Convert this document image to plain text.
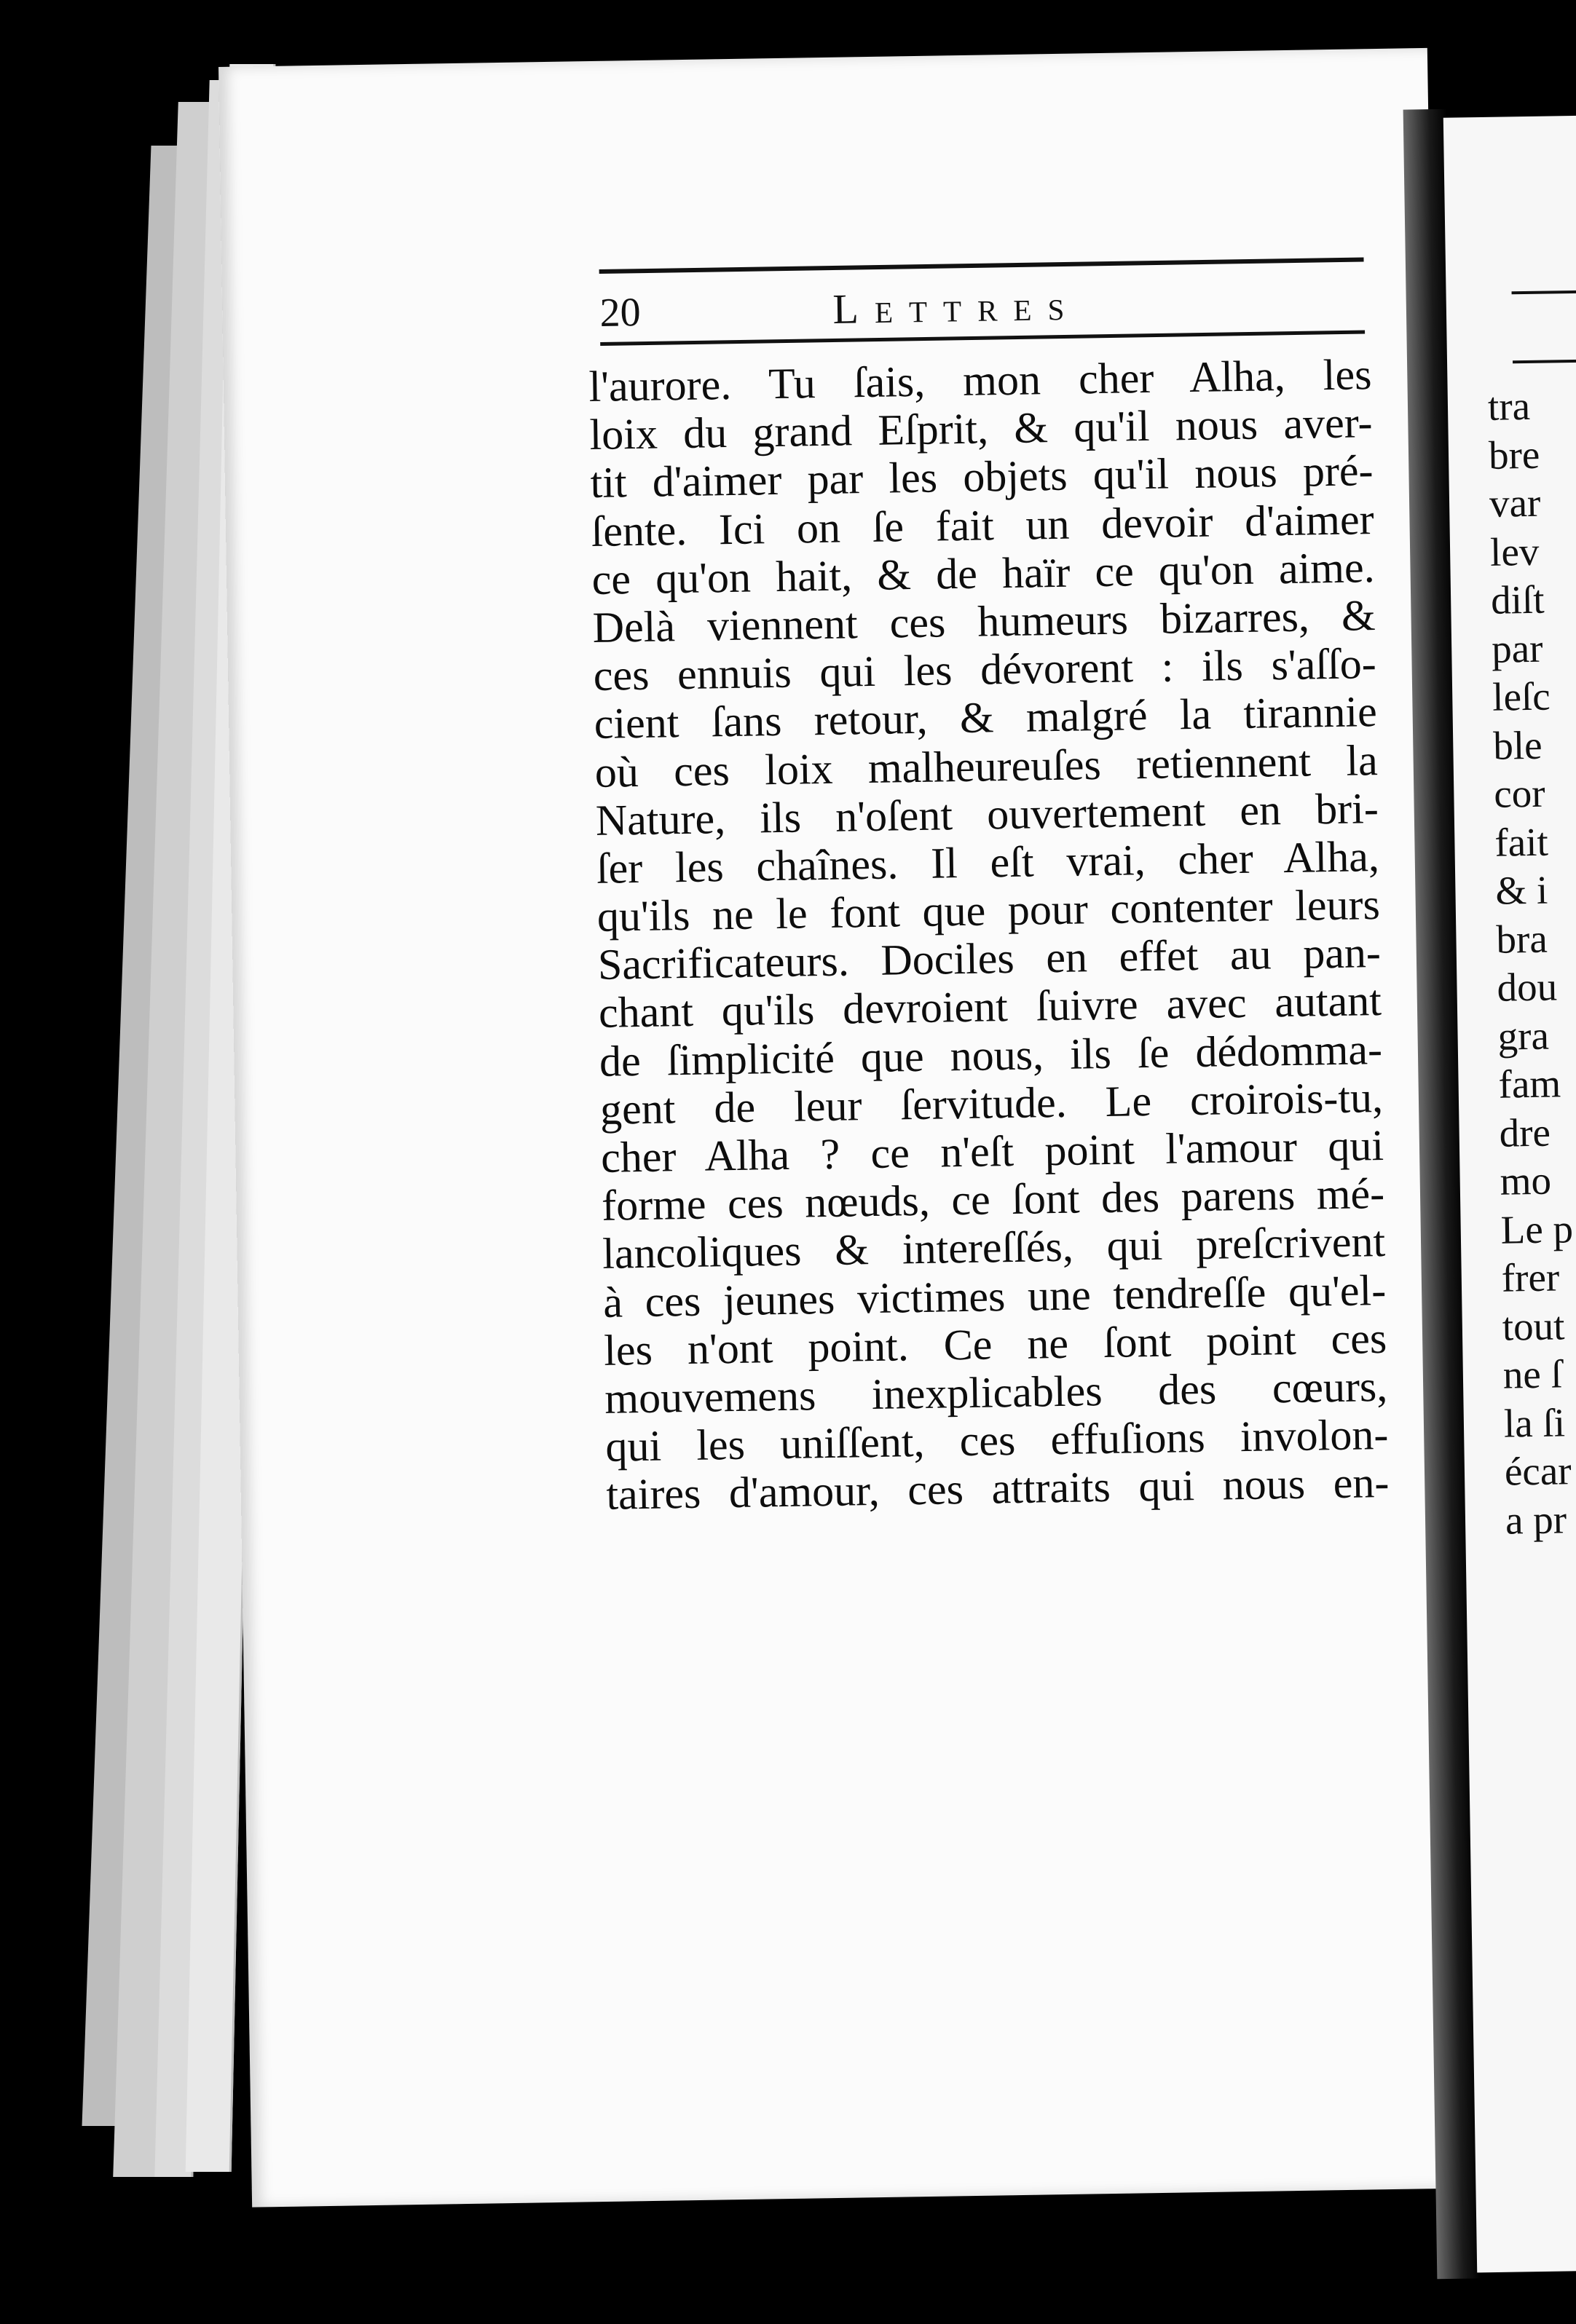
tra
bre
var
lev
diſt
par
leſc
ble
cor
fait
& i
bra
dou
gra
fam
dre
mo
Le p
frer
tout
ne ſ
la ſi
écar
a pr
20	Lettres
l'aurore. Tu ſais, mon cher Alha, les
loix du grand Eſprit, & qu'il nous aver-
tit d'aimer par les objets qu'il nous pré-
ſente. Ici on ſe fait un devoir d'aimer
ce qu'on hait, & de haïr ce qu'on aime.
Delà viennent ces humeurs bizarres, &
ces ennuis qui les dévorent : ils s'aſſo-
cient ſans retour, & malgré la tirannie
où ces loix malheureuſes retiennent la
Nature, ils n'oſent ouvertement en bri-
ſer les chaînes. Il eſt vrai, cher Alha,
qu'ils ne le font que pour contenter leurs
Sacrificateurs. Dociles en effet au pan-
chant qu'ils devroient ſuivre avec autant
de ſimplicité que nous, ils ſe dédomma-
gent de leur ſervitude. Le croirois-tu,
cher Alha ? ce n'eſt point l'amour qui
forme ces nœuds, ce ſont des parens mé-
lancoliques & intereſſés, qui preſcrivent
à ces jeunes victimes une tendreſſe qu'el-
les n'ont point. Ce ne ſont point ces
mouvemens inexplicables des cœurs,
qui les uniſſent, ces effuſions involon-
taires d'amour, ces attraits qui nous en-
